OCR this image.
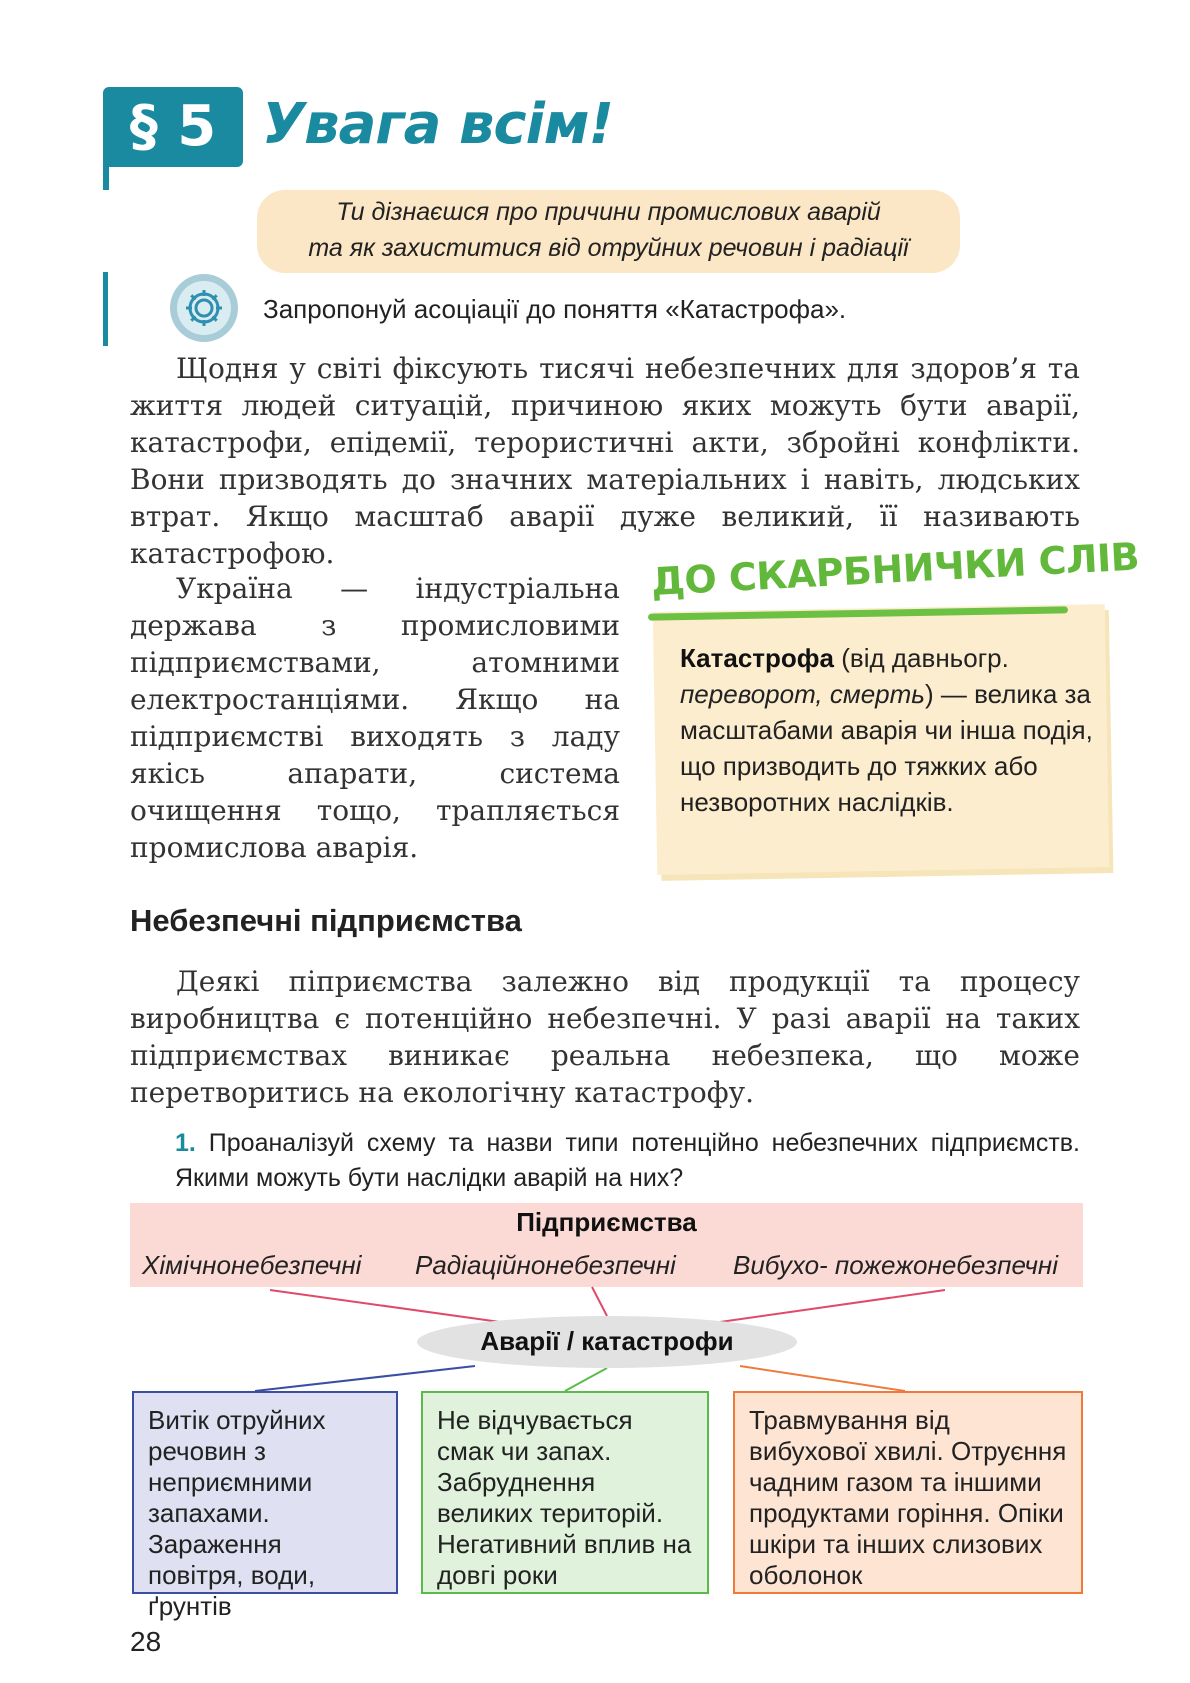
§ 5 Увага всім!
Ти дізнаєшся про причини промислових аварій
та як захиститися від отруйних речовин і радіації
Запропонуй асоціації до поняття «Катастрофа».
Щодня у світі фіксують тисячі небезпечних для здоров’я та життя людей ситуацій, причиною яких можуть бути аварії, катастрофи, епідемії, терористичні акти, збройні конфлікти. Вони призводять до значних матеріальних і навіть, людських втрат. Якщо масштаб аварії дуже великий, її називають катастрофою.
Україна — індустріальна держава з промисловими підприємствами, атомними електростанціями. Якщо на підприємстві виходять з ладу якісь апарати, система очищення тощо, трапляється промислова аварія.
ДО СКАРБНИЧКИ СЛІВ
Катастрофа (від давньогр. переворот, смерть) — велика за масштабами аварія чи інша подія, що призводить до тяжких або незворотних наслідків.
Небезпечні підприємства
Деякі піприємства залежно від продукції та процесу виробництва є потенційно небезпечні. У разі аварії на таких підприємствах виникає реальна небезпека, що може перетворитись на екологічну катастрофу.
1. Проаналізуй схему та назви типи потенційно небезпечних підприємств. Якими можуть бути наслідки аварій на них?
Підприємства
Хімічнонебезпечні Радіаційнонебезпечні Вибухо- пожежонебезпечні
Аварії / катастрофи
Витік отруйних речовин з неприємними запахами. Зараження повітря, води, ґрунтів
Не відчувається смак чи запах. Забруднення великих територій. Негативний вплив на довгі роки
Травмування від вибухової хвилі. Отруєння чадним газом та іншими продуктами горіння. Опіки шкіри та інших слизових оболонок
28
